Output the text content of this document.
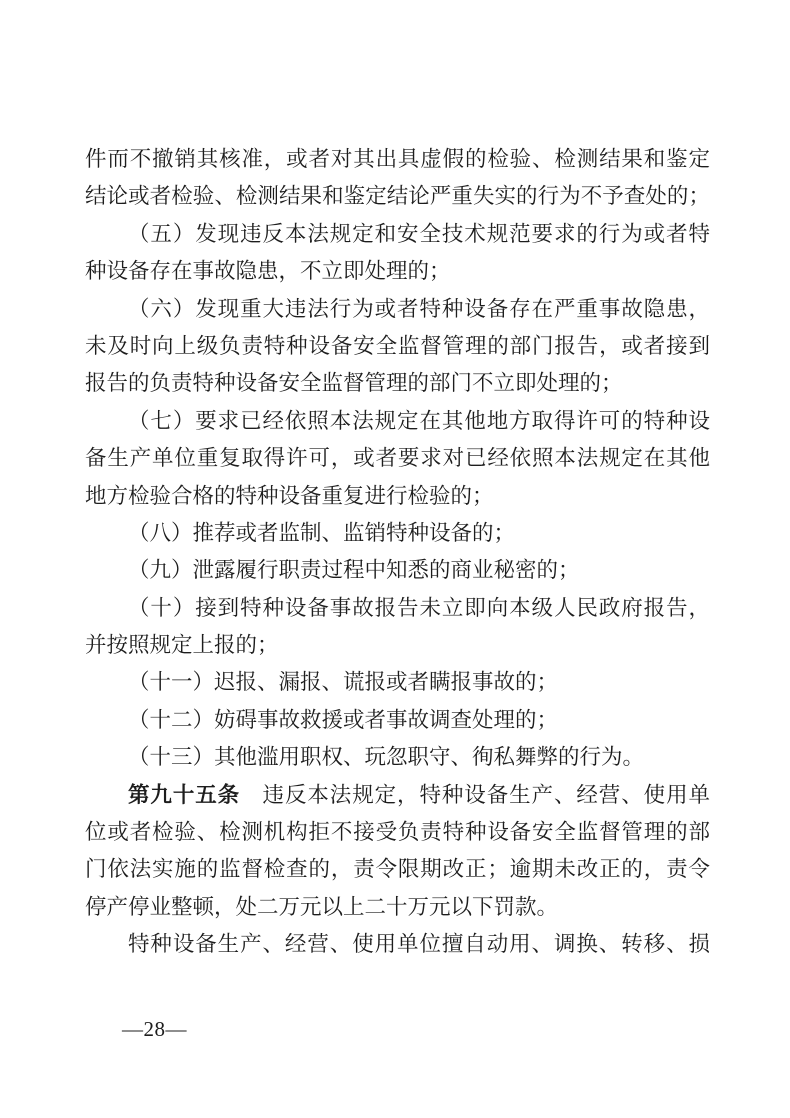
件而不撤销其核准，或者对其出具虚假的检验、检测结果和鉴定
结论或者检验、检测结果和鉴定结论严重失实的行为不予查处的；
（五）发现违反本法规定和安全技术规范要求的行为或者特
种设备存在事故隐患，不立即处理的；
（六）发现重大违法行为或者特种设备存在严重事故隐患，
未及时向上级负责特种设备安全监督管理的部门报告，或者接到
报告的负责特种设备安全监督管理的部门不立即处理的；
（七）要求已经依照本法规定在其他地方取得许可的特种设
备生产单位重复取得许可，或者要求对已经依照本法规定在其他
地方检验合格的特种设备重复进行检验的；
（八）推荐或者监制、监销特种设备的；
（九）泄露履行职责过程中知悉的商业秘密的；
（十）接到特种设备事故报告未立即向本级人民政府报告，
并按照规定上报的；
（十一）迟报、漏报、谎报或者瞒报事故的；
（十二）妨碍事故救援或者事故调查处理的；
（十三）其他滥用职权、玩忽职守、徇私舞弊的行为。
第九十五条　违反本法规定，特种设备生产、经营、使用单
位或者检验、检测机构拒不接受负责特种设备安全监督管理的部
门依法实施的监督检查的，责令限期改正；逾期未改正的，责令
停产停业整顿，处二万元以上二十万元以下罚款。
特种设备生产、经营、使用单位擅自动用、调换、转移、损
—28—
